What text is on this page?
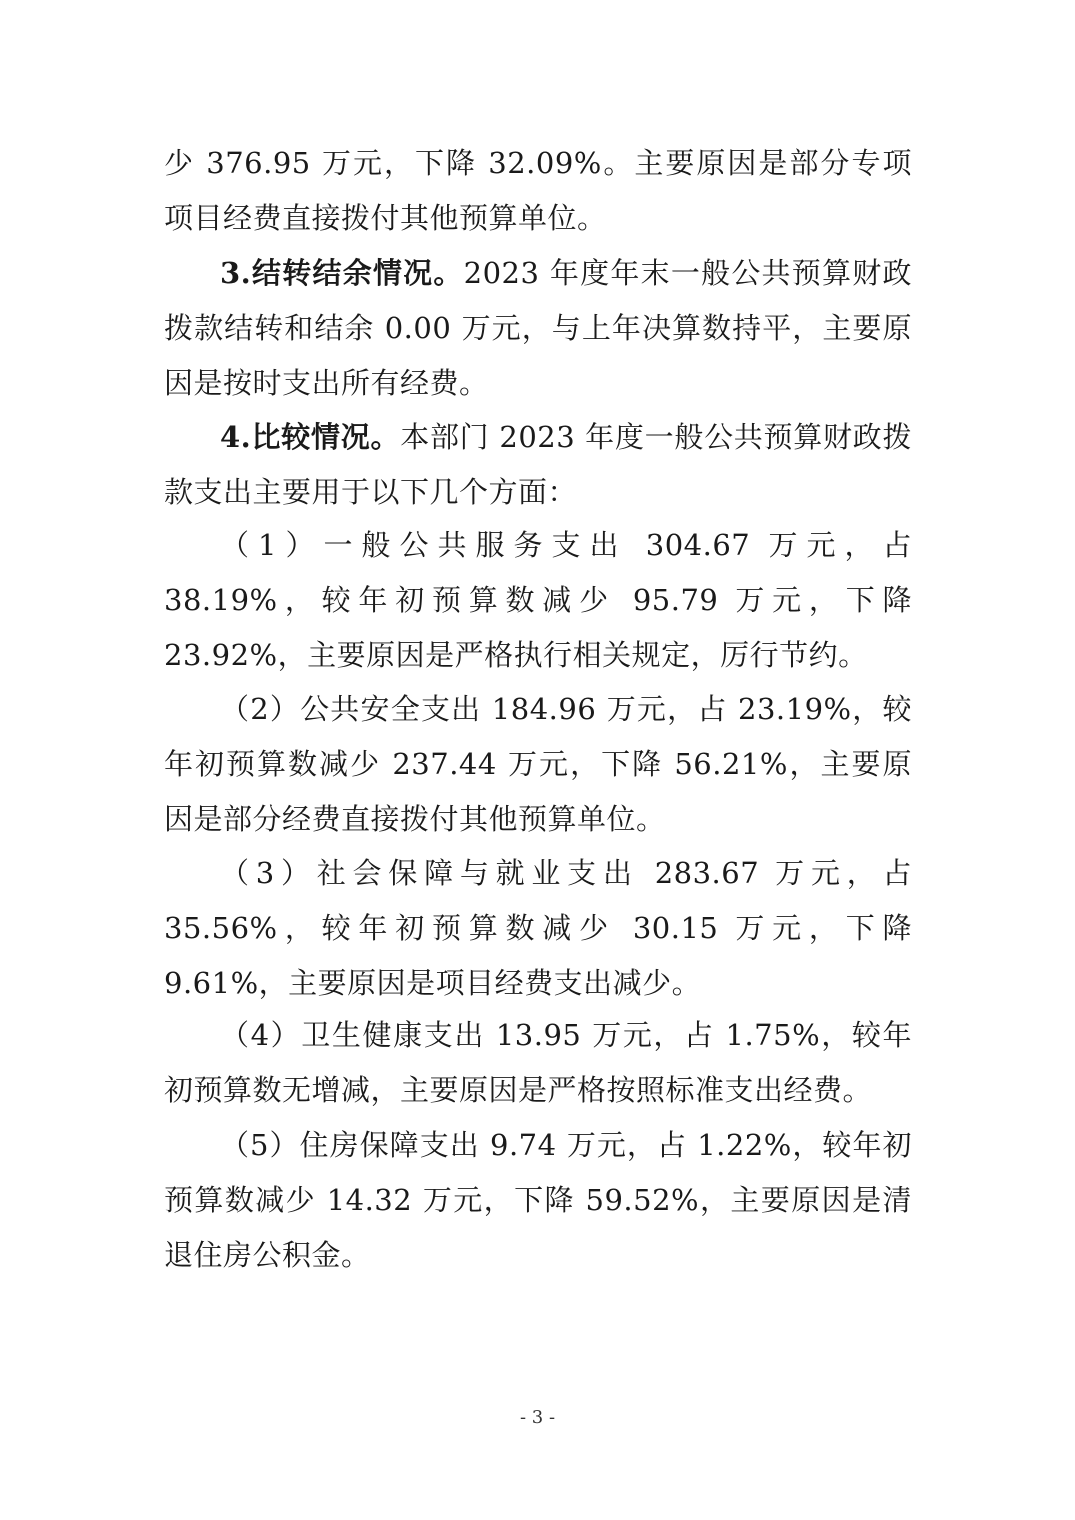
少 376.95 万元，下降 32.09%。主要原因是部分专项项目经费直接拨付其他预算单位。

3.结转结余情况。2023 年度年末一般公共预算财政拨款结转和结余 0.00 万元，与上年决算数持平，主要原因是按时支出所有经费。

4.比较情况。本部门 2023 年度一般公共预算财政拨款支出主要用于以下几个方面：

（1）一般公共服务支出 304.67 万元，占 38.19%，较年初预算数减少 95.79 万元，下降 23.92%，主要原因是严格执行相关规定，厉行节约。

（2）公共安全支出 184.96 万元，占 23.19%，较年初预算数减少 237.44 万元，下降 56.21%，主要原因是部分经费直接拨付其他预算单位。

（3）社会保障与就业支出 283.67 万元，占 35.56%，较年初预算数减少 30.15 万元，下降 9.61%，主要原因是项目经费支出减少。

（4）卫生健康支出 13.95 万元，占 1.75%，较年初预算数无增减，主要原因是严格按照标准支出经费。

（5）住房保障支出 9.74 万元，占 1.22%，较年初预算数减少 14.32 万元，下降 59.52%，主要原因是清退住房公积金。

- 3 -
